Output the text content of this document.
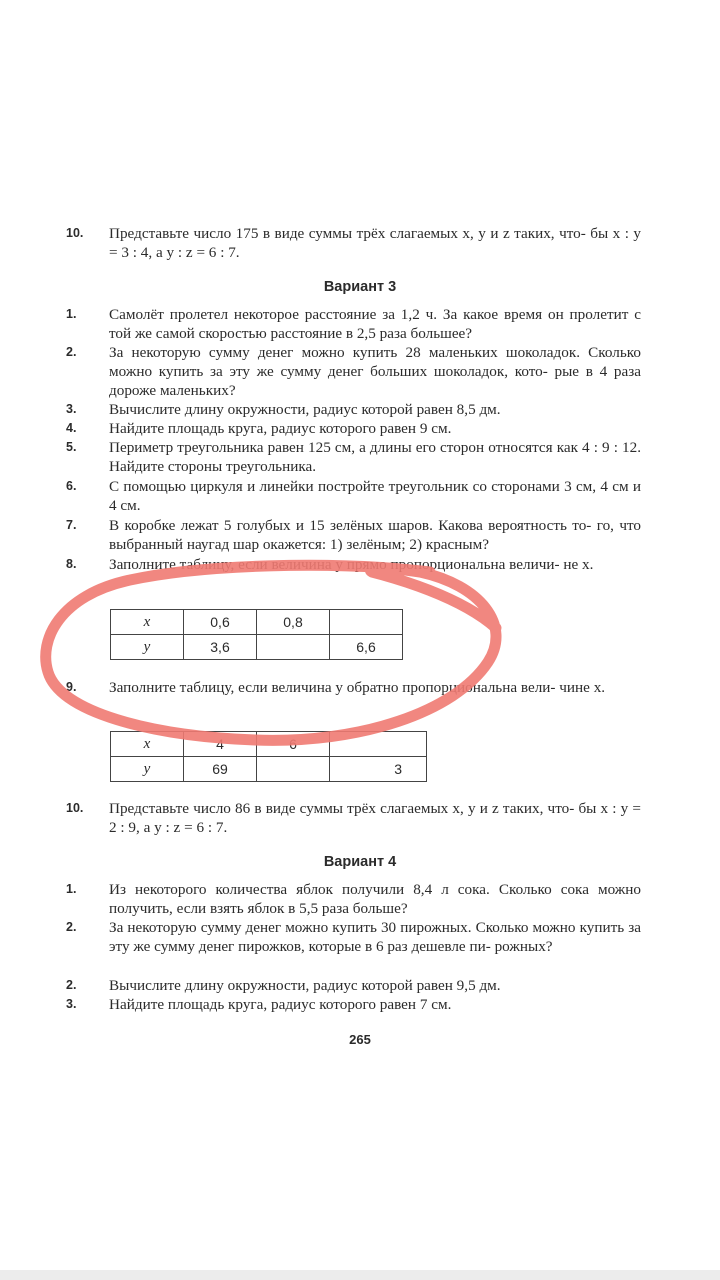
10.	Представьте число 175 в виде суммы трёх слагаемых x, y и z таких, что- бы x : y = 3 : 4, а y : z = 6 : 7.
Вариант 3
1.	Самолёт пролетел некоторое расстояние за 1,2 ч. За какое время он пролетит с той же самой скоростью расстояние в 2,5 раза большее?
2.	За некоторую сумму денег можно купить 28 маленьких шоколадок. Сколько можно купить за эту же сумму денег больших шоколадок, кото- рые в 4 раза дороже маленьких?
3.	Вычислите длину окружности, радиус которой равен 8,5 дм.
4.	Найдите площадь круга, радиус которого равен 9 см.
5.	Периметр треугольника равен 125 см, а длины его сторон относятся как 4 : 9 : 12. Найдите стороны треугольника.
6.	С помощью циркуля и линейки постройте треугольник со сторонами 3 см, 4 см и 4 см.
7.	В коробке лежат 5 голубых и 15 зелёных шаров. Какова вероятность то- го, что выбранный наугад шар окажется: 1) зелёным; 2) красным?
8.	Заполните таблицу, если величина y прямо пропорциональна величи- не x.
x	0,6	0,8	
y	3,6		6,6
9.	Заполните таблицу, если величина y обратно пропорциональна вели- чине x.
x	4	6	
y	69		3
10.	Представьте число 86 в виде суммы трёх слагаемых x, y и z таких, что- бы x : y = 2 : 9, а y : z = 6 : 7.
Вариант 4
1.	Из некоторого количества яблок получили 8,4 л сока. Сколько сока можно получить, если взять яблок в 5,5 раза больше?
2.	За некоторую сумму денег можно купить 30 пирожных. Сколько можно купить за эту же сумму денег пирожков, которые в 6 раз дешевле пи- рожных?
2.	Вычислите длину окружности, радиус которой равен 9,5 дм.
3.	Найдите площадь круга, радиус которого равен 7 см.
265
